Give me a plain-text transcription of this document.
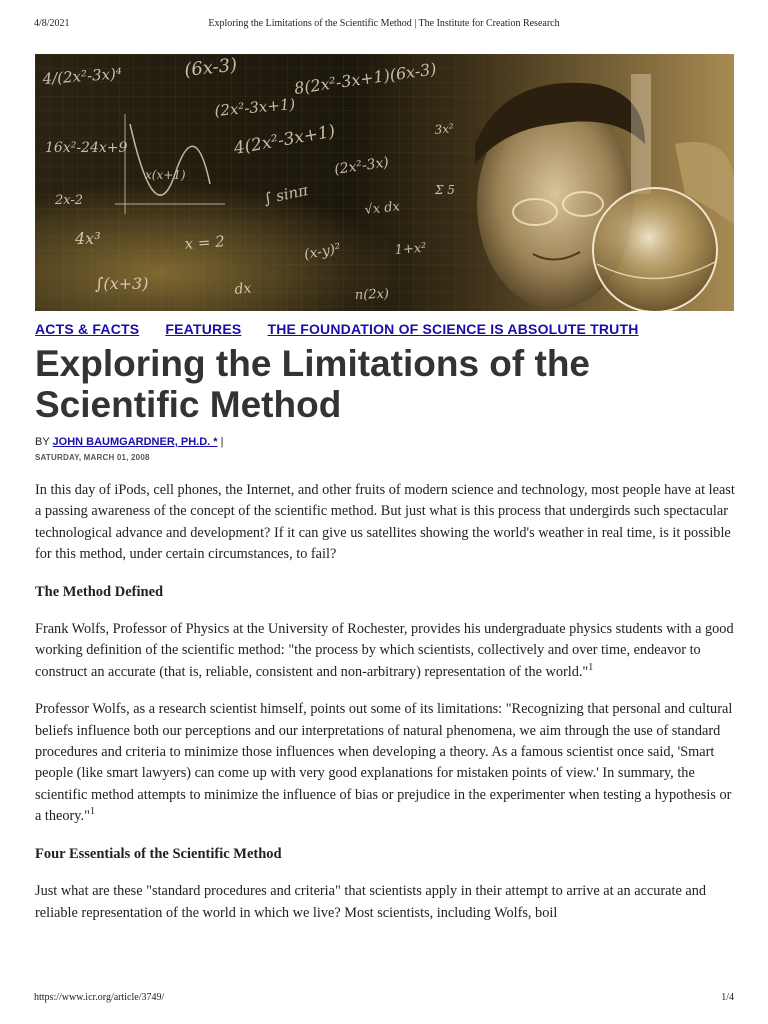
4/8/2021	Exploring the Limitations of the Scientific Method | The Institute for Creation Research
4/(2x²-3x)⁴	(6x-3)	8(2x²-3x+1)(6x-3)
(2x²-3x+1)
16x²-24x+9	4(2x²-3x+1)
(2x²-3x)
2x-2	∫ sinπ
√x dx
4x³	x = 2	(x-y)²	1+x²
∫(x+3)	dx	n(2x)
3x²
Σ 5
x(x+1)
ACTS & FACTS FEATURES THE FOUNDATION OF SCIENCE IS ABSOLUTE TRUTH
Exploring the Limitations of the Scientific Method
BY JOHN BAUMGARDNER, PH.D. * |
SATURDAY, MARCH 01, 2008

In this day of iPods, cell phones, the Internet, and other fruits of modern science and technology, most people have at least a passing awareness of the concept of the scientific method. But just what is this process that undergirds such spectacular technological advance and development? If it can give us satellites showing the world's weather in real time, is it possible for this method, under certain circumstances, to fail?

The Method Defined

Frank Wolfs, Professor of Physics at the University of Rochester, provides his undergraduate physics students with a good working definition of the scientific method: "the process by which scientists, collectively and over time, endeavor to construct an accurate (that is, reliable, consistent and non-arbitrary) representation of the world."$^1$

Professor Wolfs, as a research scientist himself, points out some of its limitations: "Recognizing that personal and cultural beliefs influence both our perceptions and our interpretations of natural phenomena, we aim through the use of standard procedures and criteria to minimize those influences when developing a theory. As a famous scientist once said, 'Smart people (like smart lawyers) can come up with very good explanations for mistaken points of view.' In summary, the scientific method attempts to minimize the influence of bias or prejudice in the experimenter when testing a hypothesis or a theory."$^1$

Four Essentials of the Scientific Method

Just what are these "standard procedures and criteria" that scientists apply in their attempt to arrive at an accurate and reliable representation of the world in which we live? Most scientists, including Wolfs, boil

https://www.icr.org/article/3749/	1/4
